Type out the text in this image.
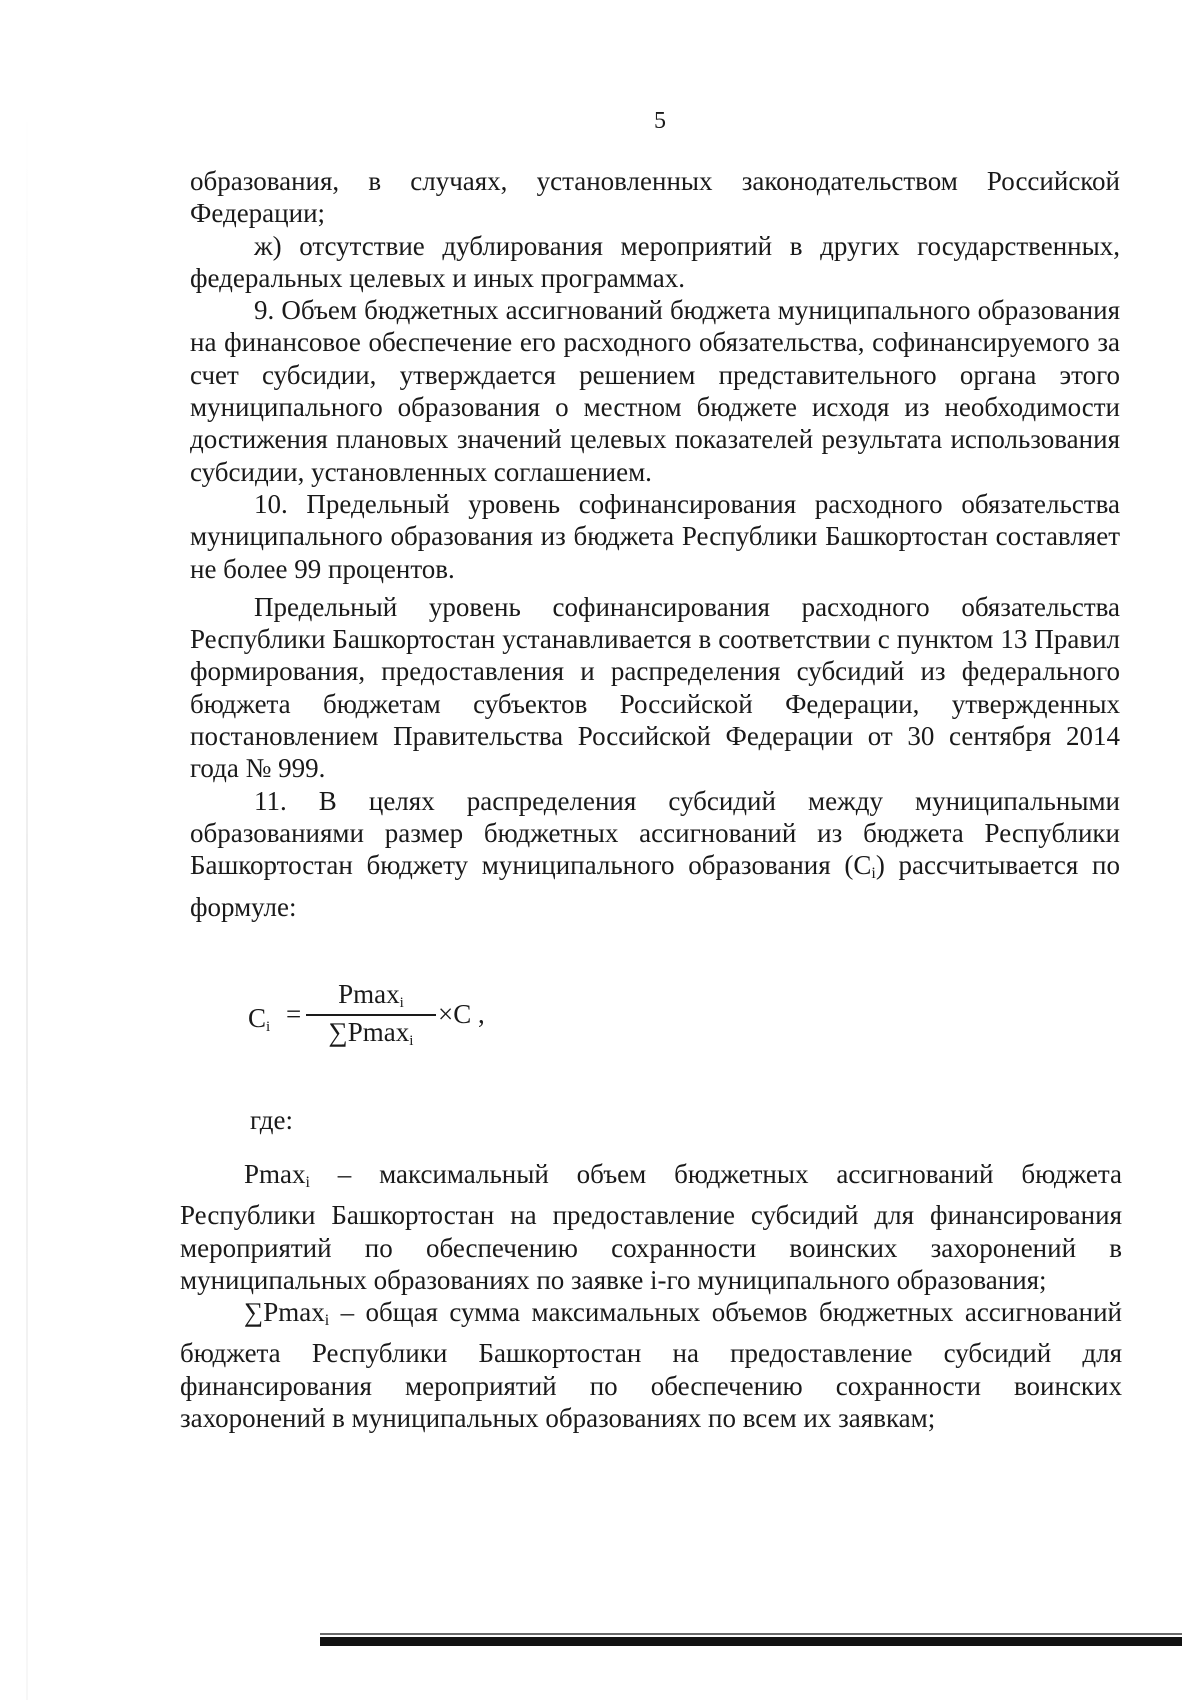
5

образования, в случаях, установленных законодательством Российской Федерации;

ж) отсутствие дублирования мероприятий в других государственных, федеральных целевых и иных программах.

9. Объем бюджетных ассигнований бюджета муниципального образования на финансовое обеспечение его расходного обязательства, софинансируемого за счет субсидии, утверждается решением представительного органа этого муниципального образования о местном бюджете исходя из необходимости достижения плановых значений целевых показателей результата использования субсидии, установленных соглашением.

10. Предельный уровень софинансирования расходного обязательства муниципального образования из бюджета Республики Башкортостан составляет не более 99 процентов.

Предельный уровень софинансирования расходного обязательства Республики Башкортостан устанавливается в соответствии с пунктом 13 Правил формирования, предоставления и распределения субсидий из федерального бюджета бюджетам субъектов Российской Федерации, утвержденных постановлением Правительства Российской Федерации от 30 сентября 2014 года № 999.

11. В целях распределения субсидий между муниципальными образованиями размер бюджетных ассигнований из бюджета Республики Башкортостан бюджету муниципального образования $(C_i)$ рассчитывается по формуле:

$C_i$ =
Pmax$_i$
∑Pmax$_i$
×C ,
где:

Pmax$_i$ – максимальный объем бюджетных ассигнований бюджета Республики Башкортостан на предоставление субсидий для финансирования мероприятий по обеспечению сохранности воинских захоронений в муниципальных образованиях по заявке i-го муниципального образования;

∑Pmax$_i$ – общая сумма максимальных объемов бюджетных ассигнований бюджета Республики Башкортостан на предоставление субсидий для финансирования мероприятий по обеспечению сохранности воинских захоронений в муниципальных образованиях по всем их заявкам;
